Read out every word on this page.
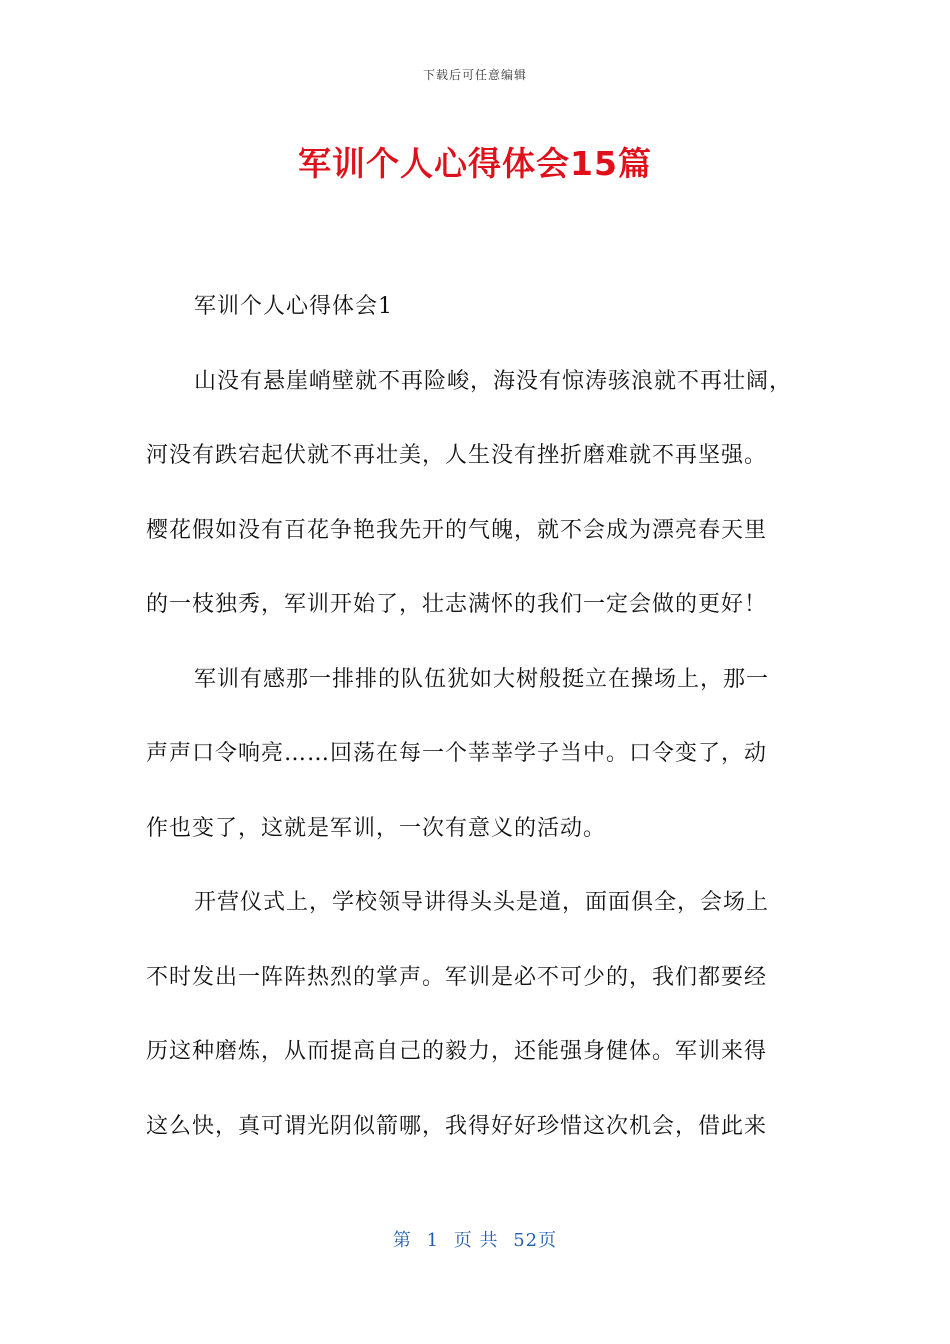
下载后可任意编辑
军训个人心得体会15篇
军训个人心得体会1
山没有悬崖峭壁就不再险峻，海没有惊涛骇浪就不再壮阔，
河没有跌宕起伏就不再壮美，人生没有挫折磨难就不再坚强。
樱花假如没有百花争艳我先开的气魄，就不会成为漂亮春天里
的一枝独秀，军训开始了，壮志满怀的我们一定会做的更好！
军训有感那一排排的队伍犹如大树般挺立在操场上，那一
声声口令响亮……回荡在每一个莘莘学子当中。口令变了，动
作也变了，这就是军训，一次有意义的活动。
开营仪式上，学校领导讲得头头是道，面面俱全，会场上
不时发出一阵阵热烈的掌声。军训是必不可少的，我们都要经
历这种磨炼，从而提高自己的毅力，还能强身健体。军训来得
这么快，真可谓光阴似箭哪，我得好好珍惜这次机会，借此来
第 1 页 共 52页
